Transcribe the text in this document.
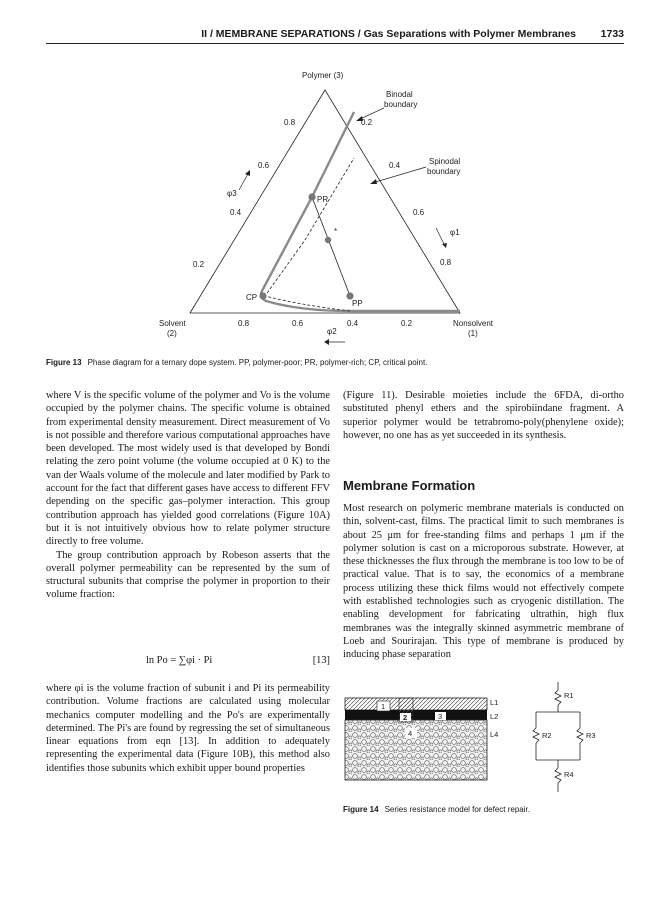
II / MEMBRANE SEPARATIONS / Gas Separations with Polymer Membranes 1733
Polymer (3)
Binodal
boundary
Spinodal
boundary
0.8
0.6
0.4
0.2
0.2
0.4
0.6
0.8
0.8	0.6	0.4	0.2
φ3
φ1
φ2
PR
CP
PP
*
Solvent
(2)
Nonsolvent
(1)
Figure 13 Phase diagram for a ternary dope system. PP, polymer-poor; PR, polymer-rich; CP, critical point.

where V is the specific volume of the polymer and Vo is the volume occupied by the polymer chains. The specific volume is obtained from experimental density measurement. Direct measurement of Vo is not possible and therefore various computational approaches have been developed. The most widely used is that developed by Bondi relating the zero point volume (the volume occupied at 0 K) to the van der Waals volume of the molecule and later modified by Park to account for the fact that different gases have access to different FFV depending on the specific gas–polymer interaction. This group contribution approach has yielded good correlations (Figure 10A) but it is not intuitively obvious how to relate polymer structure directly to free volume.

The group contribution approach by Robeson asserts that the overall polymer permeability can be represented by the sum of structural subunits that comprise the polymer in proportion to their volume fraction:

ln Po = ∑φi · Pi	[13]

where φi is the volume fraction of subunit i and Pi its permeability contribution. Volume fractions are calculated using molecular mechanics computer modelling and the Po's are experimentally determined. The Pi's are found by regressing the set of simultaneous linear equations from eqn [13]. In addition to adequately representing the experimental data (Figure 10B), this method also identifies those subunits which exhibit upper bound properties

(Figure 11). Desirable moieties include the 6FDA, di-ortho substituted phenyl ethers and the spirobiindane fragment. A superior polymer would be tetrabromo-poly(phenylene oxide); however, no one has as yet succeeded in its synthesis.

Membrane Formation

Most research on polymeric membrane materials is conducted on thin, solvent-cast, films. The practical limit to such membranes is about 25 μm for free-standing films and perhaps 1 μm if the polymer solution is cast on a microporous substrate. However, at these thicknesses the flux through the membrane is too low to be of practical value. That is to say, the economics of a membrane process utilizing these thick films would not effectively compete with established technologies such as cryogenic distillation. The enabling development for fabricating ultrathin, high flux membranes was the integrally skinned asymmetric membrane of Loeb and Sourirajan. This type of membrane is produced by inducing phase separation

1
2	3
4
L1
L2
L4
R1
R2	R3
R4
Figure 14 Series resistance model for defect repair.
